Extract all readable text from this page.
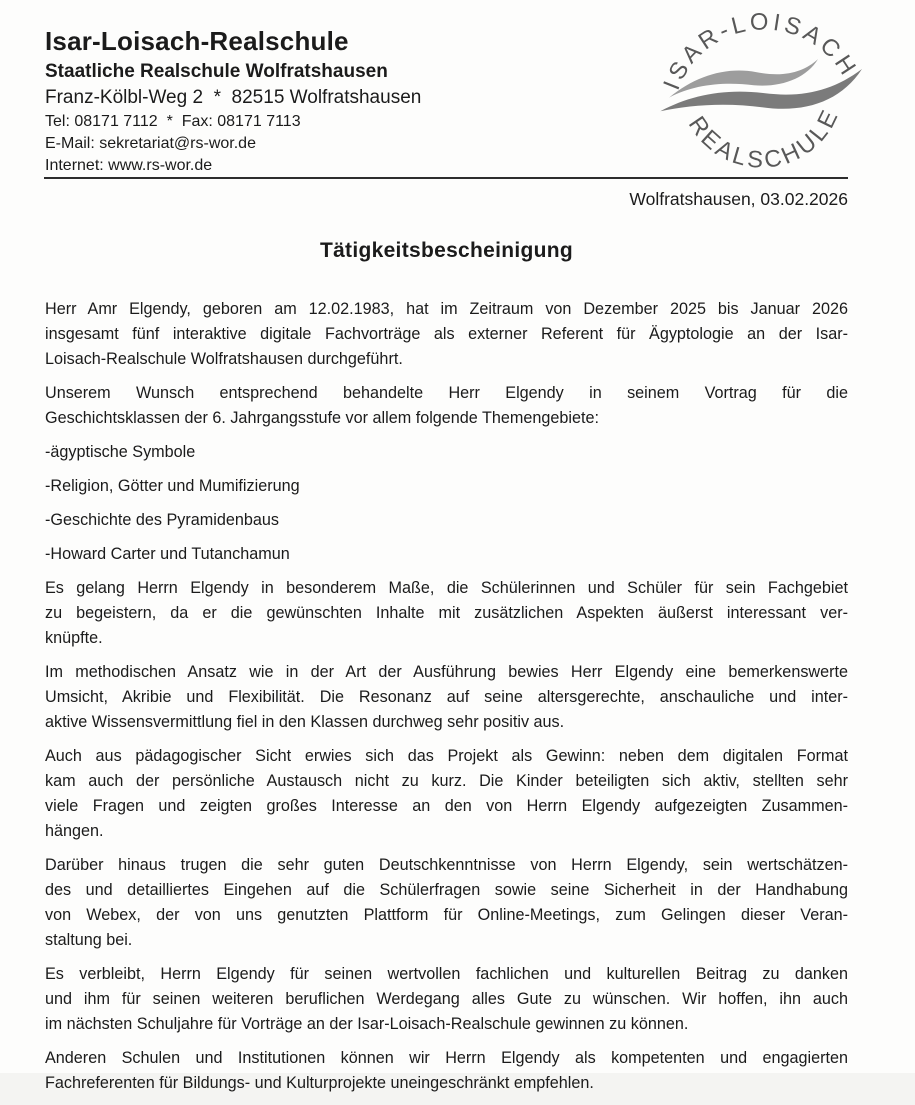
Isar-Loisach-Realschule
Staatliche Realschule Wolfratshausen
Franz-Kölbl-Weg 2  *  82515 Wolfratshausen
Tel: 08171 7112  *  Fax: 08171 7113
E-Mail: sekretariat@rs-wor.de
Internet: www.rs-wor.de
ISAR-LOISACH
REALSCHULE
Wolfratshausen, 03.02.2026
Tätigkeitsbescheinigung
Herr Amr Elgendy, geboren am 12.02.1983, hat im Zeitraum von Dezember 2025 bis Januar 2026
insgesamt fünf interaktive digitale Fachvorträge als externer Referent für Ägyptologie an der Isar-
Loisach-Realschule Wolfratshausen durchgeführt.
Unserem Wunsch entsprechend behandelte Herr Elgendy in seinem Vortrag für die
Geschichtsklassen der 6. Jahrgangsstufe vor allem folgende Themengebiete:
-ägyptische Symbole
-Religion, Götter und Mumifizierung
-Geschichte des Pyramidenbaus
-Howard Carter und Tutanchamun
Es gelang Herrn Elgendy in besonderem Maße, die Schülerinnen und Schüler für sein Fachgebiet
zu begeistern, da er die gewünschten Inhalte mit zusätzlichen Aspekten äußerst interessant ver-
knüpfte.
Im methodischen Ansatz wie in der Art der Ausführung bewies Herr Elgendy eine bemerkenswerte
Umsicht, Akribie und Flexibilität. Die Resonanz auf seine altersgerechte, anschauliche und inter-
aktive Wissensvermittlung fiel in den Klassen durchweg sehr positiv aus.
Auch aus pädagogischer Sicht erwies sich das Projekt als Gewinn: neben dem digitalen Format
kam auch der persönliche Austausch nicht zu kurz. Die Kinder beteiligten sich aktiv, stellten sehr
viele Fragen und zeigten großes Interesse an den von Herrn Elgendy aufgezeigten Zusammen-
hängen.
Darüber hinaus trugen die sehr guten Deutschkenntnisse von Herrn Elgendy, sein wertschätzen-
des und detailliertes Eingehen auf die Schülerfragen sowie seine Sicherheit in der Handhabung
von Webex, der von uns genutzten Plattform für Online-Meetings, zum Gelingen dieser Veran-
staltung bei.
Es verbleibt, Herrn Elgendy für seinen wertvollen fachlichen und kulturellen Beitrag zu danken
und ihm für seinen weiteren beruflichen Werdegang alles Gute zu wünschen. Wir hoffen, ihn auch
im nächsten Schuljahre für Vorträge an der Isar-Loisach-Realschule gewinnen zu können.
Anderen Schulen und Institutionen können wir Herrn Elgendy als kompetenten und engagierten
Fachreferenten für Bildungs- und Kulturprojekte uneingeschränkt empfehlen.
